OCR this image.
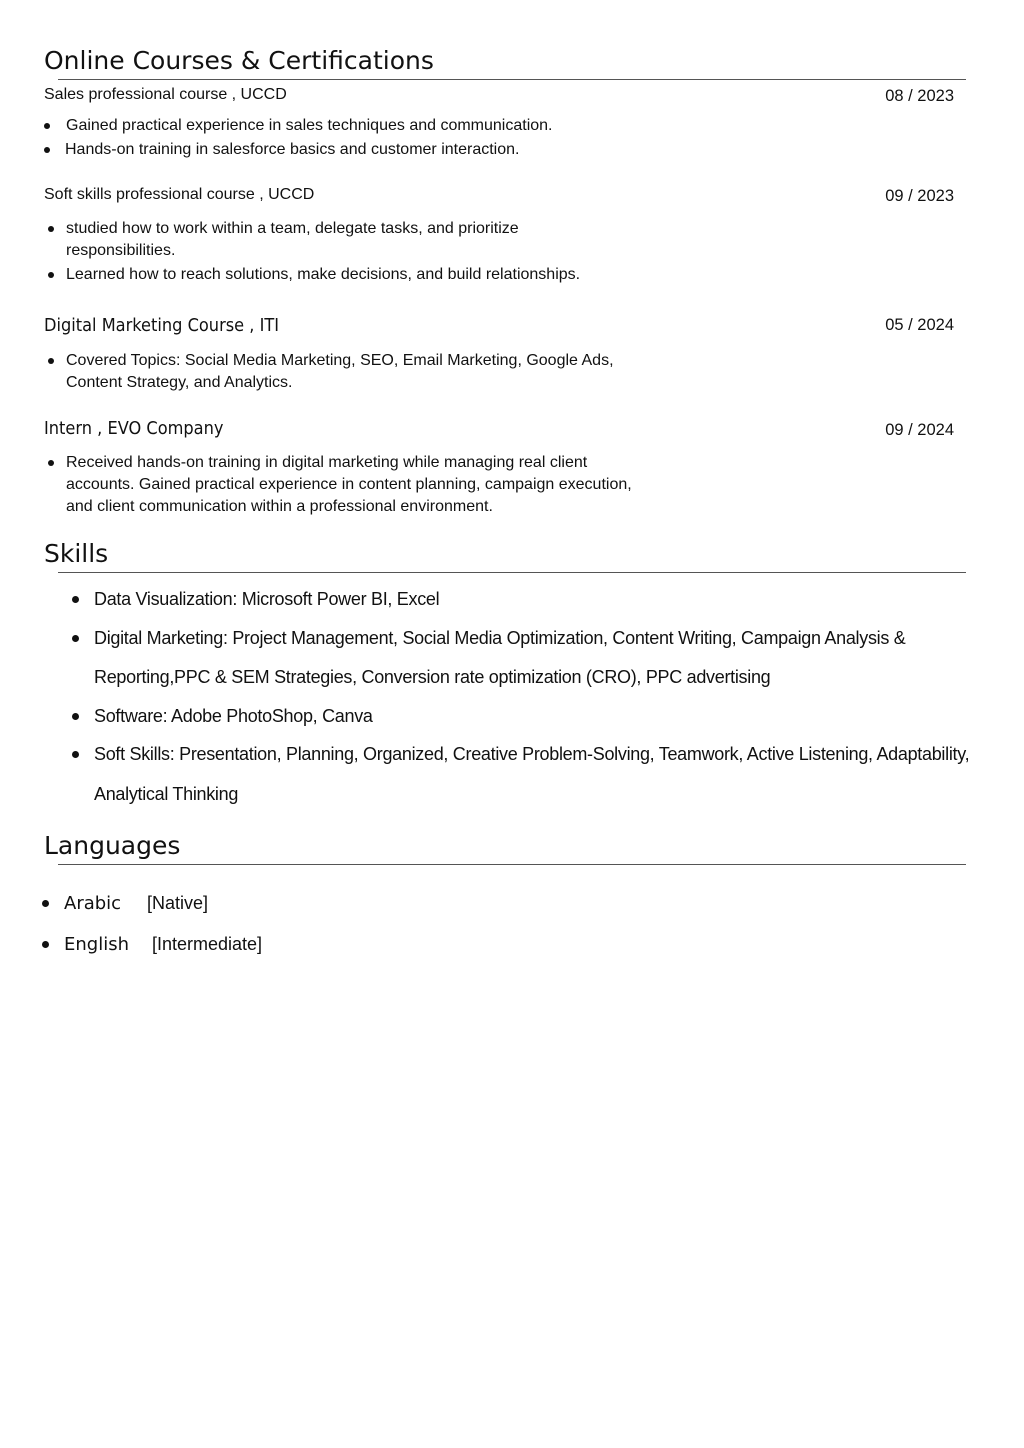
Online Courses & Certifications
Sales professional course , UCCD	08 / 2023
Gained practical experience in sales techniques and communication.
Hands-on training in salesforce basics and customer interaction.
Soft skills professional course , UCCD	09 / 2023
studied how to work within a team, delegate tasks, and prioritize responsibilities.
Learned how to reach solutions, make decisions, and build relationships.
Digital Marketing Course , ITI	05 / 2024
Covered Topics: Social Media Marketing, SEO, Email Marketing, Google Ads, Content Strategy, and Analytics.
Intern , EVO Company	09 / 2024
Received hands-on training in digital marketing while managing real client accounts. Gained practical experience in content planning, campaign execution, and client communication within a professional environment.
Skills
Data Visualization: Microsoft Power BI, Excel
Digital Marketing: Project Management, Social Media Optimization, Content Writing, Campaign Analysis & Reporting,PPC & SEM Strategies, Conversion rate optimization (CRO), PPC advertising
Software: Adobe PhotoShop, Canva
Soft Skills: Presentation, Planning, Organized, Creative Problem-Solving, Teamwork, Active Listening, Adaptability, Analytical Thinking
Languages
Arabic [Native]
English [Intermediate]
